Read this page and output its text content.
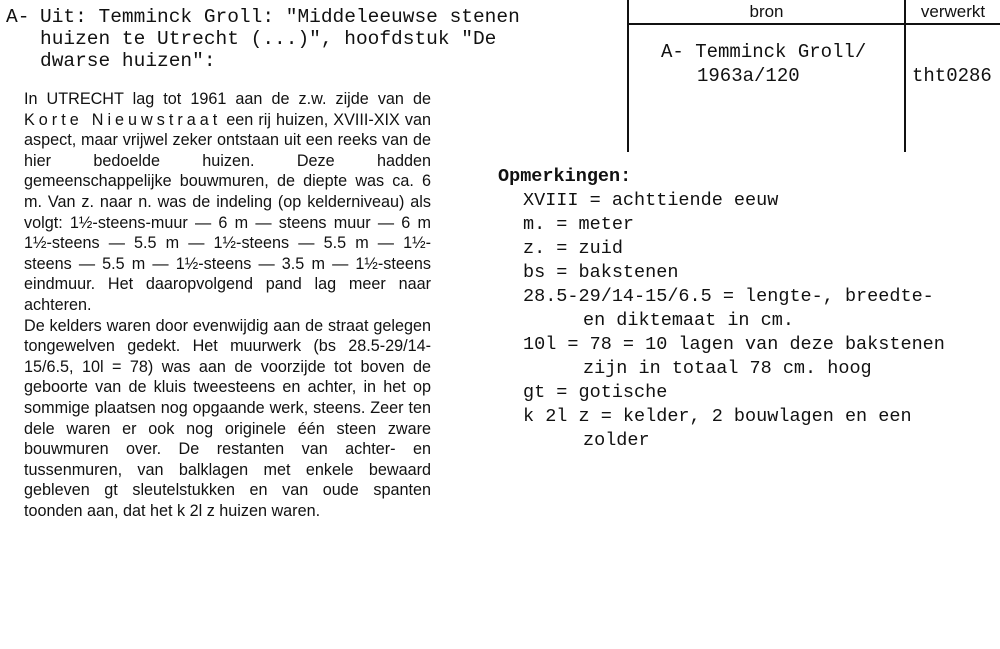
A- Uit: Temminck Groll: "Middeleeuwse stenen
huizen te Utrecht (...)", hoofdstuk "De
dwarse huizen":

In UTRECHT lag tot 1961 aan de z.w. zijde van de Korte Nieuwstraat een rij huizen, XVIII-XIX van aspect, maar vrijwel zeker ontstaan uit een reeks van de hier bedoelde huizen. Deze hadden gemeenschappelijke bouwmuren, de diepte was ca. 6 m. Van z. naar n. was de indeling (op kelderniveau) als volgt: 1½-steens-muur — 6 m — steens muur — 6 m 1½-steens — 5.5 m — 1½-steens — 5.5 m — 1½-steens — 5.5 m — 1½-steens — 3.5 m — 1½-steens eindmuur. Het daaropvolgend pand lag meer naar achteren.

De kelders waren door evenwijdig aan de straat gelegen tongewelven gedekt. Het muurwerk (bs 28.5-29/14-15/6.5, 10l = 78) was aan de voorzijde tot boven de geboorte van de kluis tweesteens en achter, in het op sommige plaatsen nog opgaande werk, steens. Zeer ten dele waren er ook nog originele één steen zware bouwmuren over. De restanten van achter- en tussenmuren, van balklagen met enkele bewaard gebleven gt sleutelstukken en van oude spanten toonden aan, dat het k 2l z huizen waren.

bron	verwerkt
A- Temminck Groll/
1963a/120	tht0286
Opmerkingen:
XVIII = achttiende eeuw
m. = meter
z. = zuid
bs = bakstenen
28.5-29/14-15/6.5 = lengte-, breedte-
en diktemaat in cm.
10l = 78 = 10 lagen van deze bakstenen
zijn in totaal 78 cm. hoog
gt = gotische
k 2l z = kelder, 2 bouwlagen en een
zolder
